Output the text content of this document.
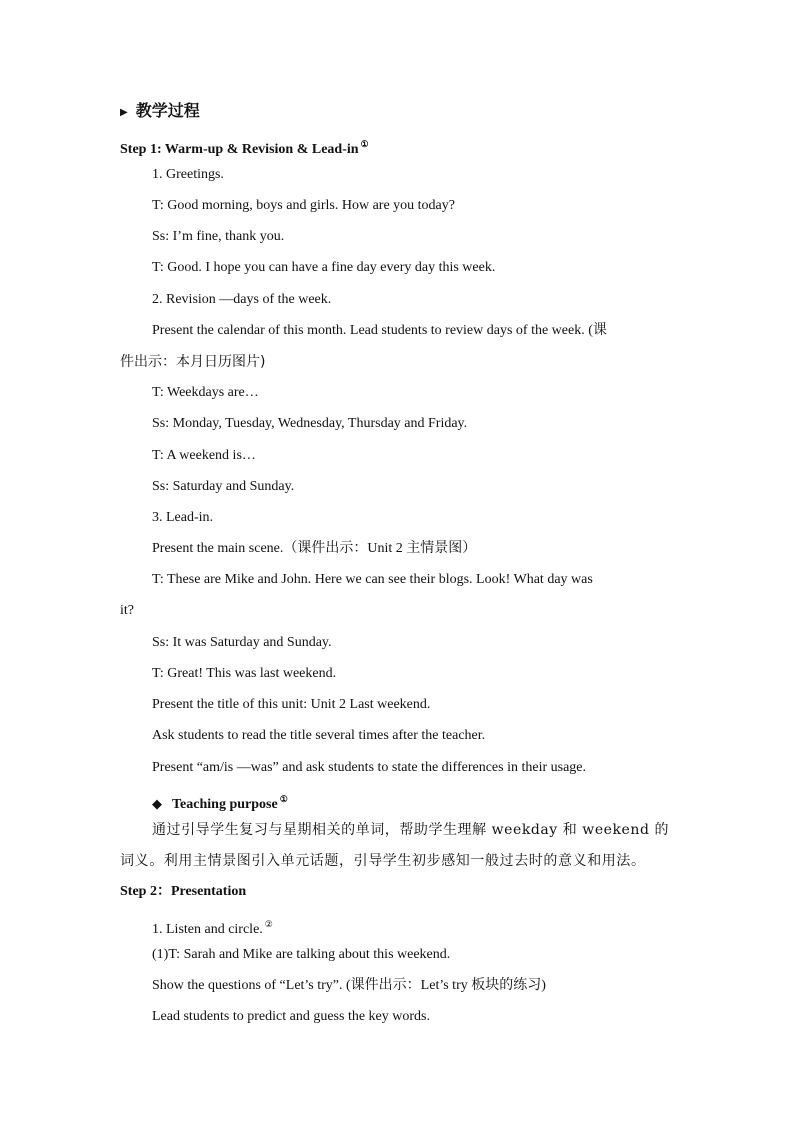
▶ 教学过程
Step 1: Warm-up & Revision & Lead-in ①
1. Greetings.
T: Good morning, boys and girls. How are you today?
Ss: I’m fine, thank you.
T: Good. I hope you can have a fine day every day this week.
2. Revision —days of the week.
Present the calendar of this month. Lead students to review days of the week. (课
件出示：本月日历图片)
T: Weekdays are…
Ss: Monday, Tuesday, Wednesday, Thursday and Friday.
T: A weekend is…
Ss: Saturday and Sunday.
3. Lead-in.
Present the main scene.（课件出示：Unit 2 主情景图）
T: These are Mike and John. Here we can see their blogs. Look! What day was
it?
Ss: It was Saturday and Sunday.
T: Great! This was last weekend.
Present the title of this unit: Unit 2 Last weekend.
Ask students to read the title several times after the teacher.
Present “am/is —was” and ask students to state the differences in their usage.
◆ Teaching purpose ①
通过引导学生复习与星期相关的单词，帮助学生理解 weekday 和 weekend 的
词义。利用主情景图引入单元话题，引导学生初步感知一般过去时的意义和用法。
Step 2：Presentation
1. Listen and circle. ②
(1)T: Sarah and Mike are talking about this weekend.
Show the questions of “Let’s try”. (课件出示：Let’s try 板块的练习)
Lead students to predict and guess the key words.
